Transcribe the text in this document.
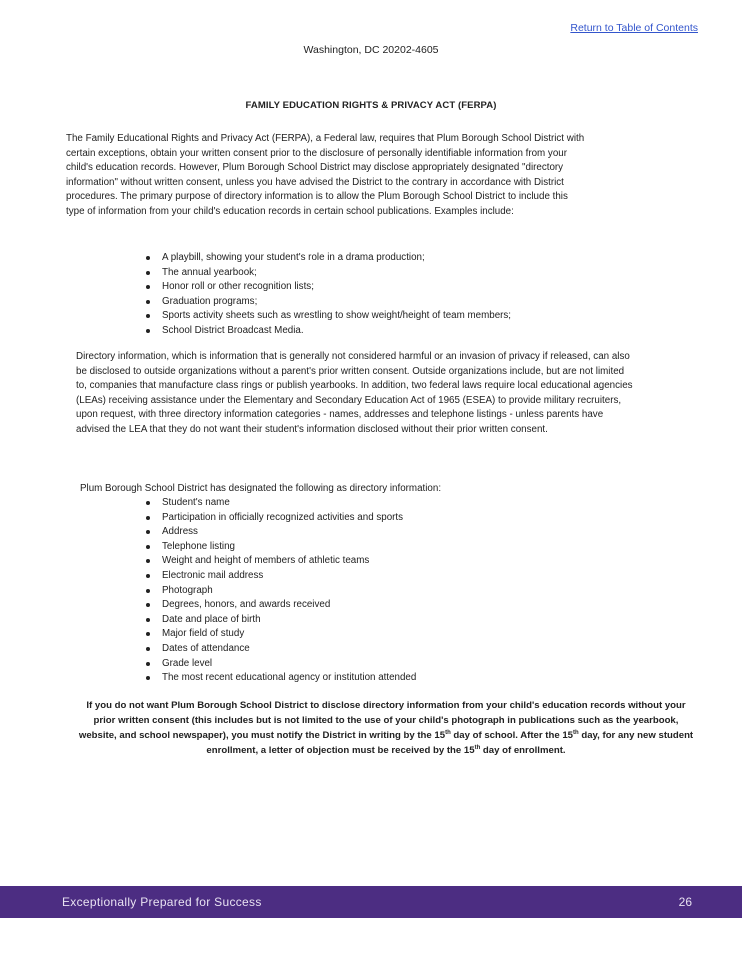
Return to Table of Contents
Washington, DC 20202-4605
FAMILY EDUCATION RIGHTS & PRIVACY ACT (FERPA)
The Family Educational Rights and Privacy Act (FERPA), a Federal law, requires that Plum Borough School District with certain exceptions, obtain your written consent prior to the disclosure of personally identifiable information from your child's education records. However, Plum Borough School District may disclose appropriately designated "directory information" without written consent, unless you have advised the District to the contrary in accordance with District procedures. The primary purpose of directory information is to allow the Plum Borough School District to include this type of information from your child's education records in certain school publications. Examples include:
A playbill, showing your student's role in a drama production;
The annual yearbook;
Honor roll or other recognition lists;
Graduation programs;
Sports activity sheets such as wrestling to show weight/height of team members;
School District Broadcast Media.
Directory information, which is information that is generally not considered harmful or an invasion of privacy if released, can also be disclosed to outside organizations without a parent's prior written consent. Outside organizations include, but are not limited to, companies that manufacture class rings or publish yearbooks. In addition, two federal laws require local educational agencies (LEAs) receiving assistance under the Elementary and Secondary Education Act of 1965 (ESEA) to provide military recruiters, upon request, with three directory information categories - names, addresses and telephone listings - unless parents have advised the LEA that they do not want their student's information disclosed without their prior written consent.
Plum Borough School District has designated the following as directory information:
Student's name
Participation in officially recognized activities and sports
Address
Telephone listing
Weight and height of members of athletic teams
Electronic mail address
Photograph
Degrees, honors, and awards received
Date and place of birth
Major field of study
Dates of attendance
Grade level
The most recent educational agency or institution attended
If you do not want Plum Borough School District to disclose directory information from your child's education records without your prior written consent (this includes but is not limited to the use of your child's photograph in publications such as the yearbook, website, and school newspaper), you must notify the District in writing by the 15th day of school. After the 15th day, for any new student enrollment, a letter of objection must be received by the 15th day of enrollment.
Exceptionally Prepared for Success	26
